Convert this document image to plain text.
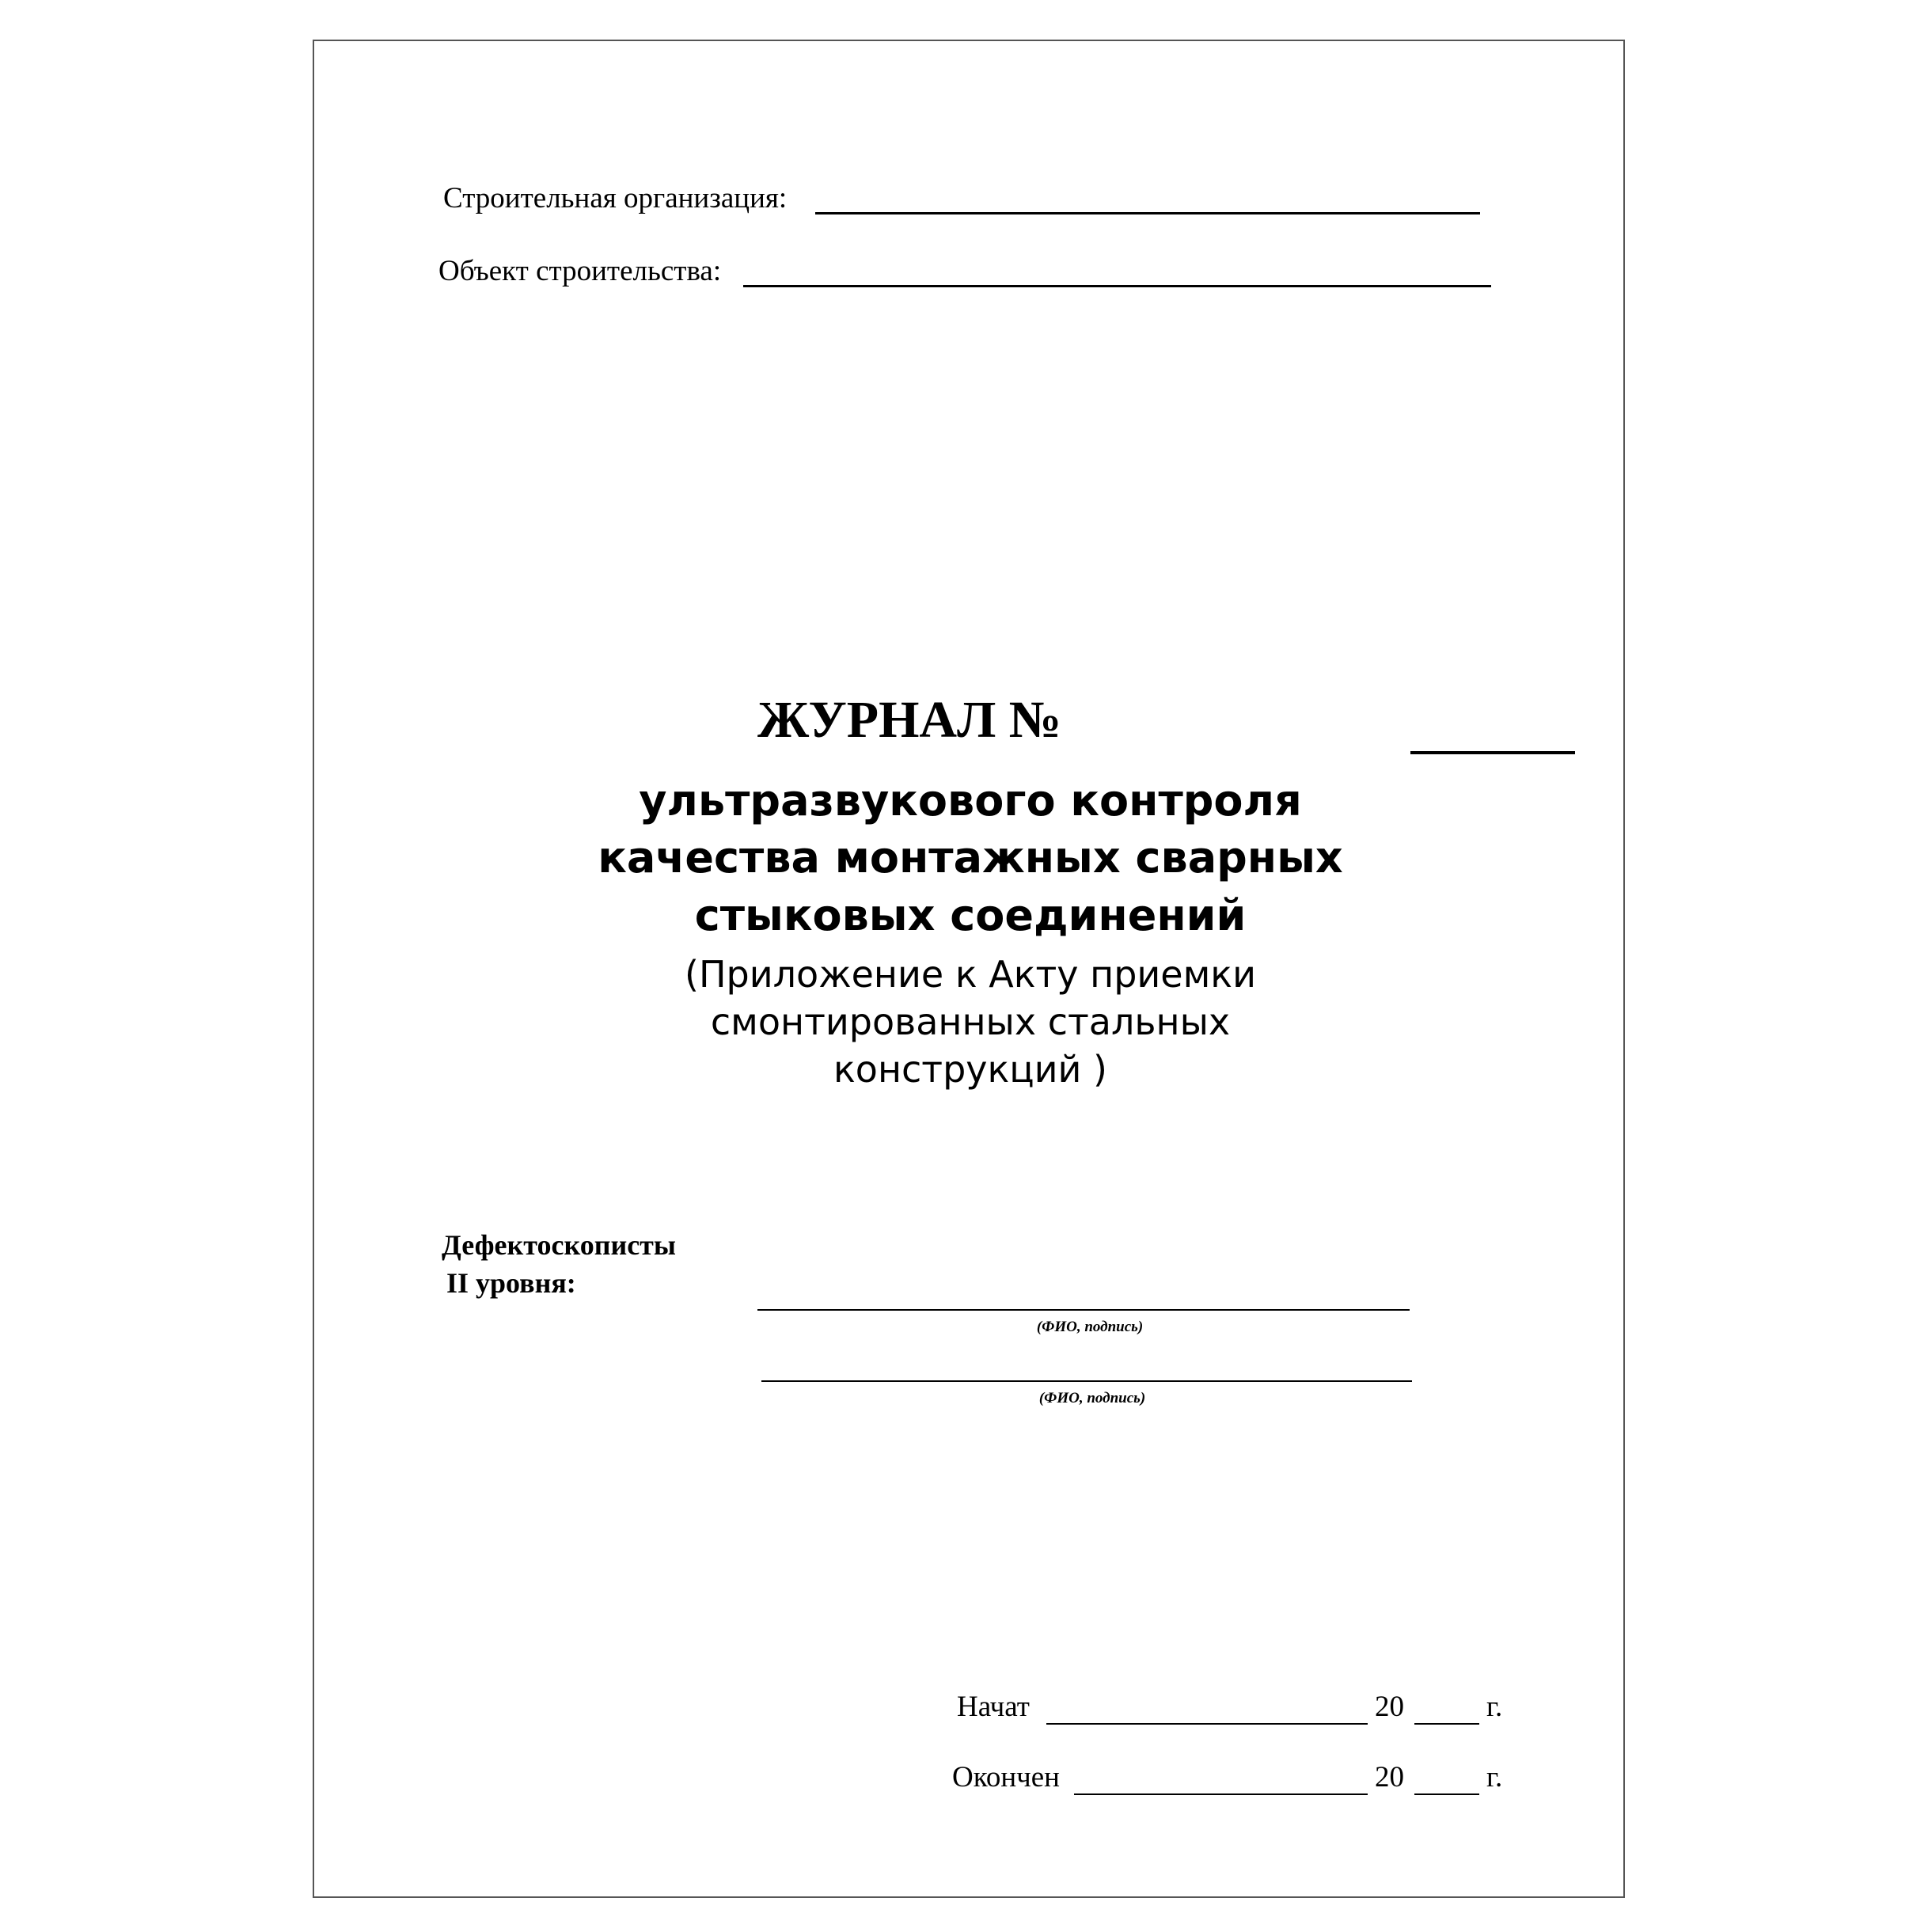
Строительная организация:
Объект строительства:
ЖУРНАЛ №
ультразвукового контроля
качества монтажных сварных
стыковых соединений
(Приложение к Акту приемки
смонтированных стальных
конструкций )
Дефектоскописты
II уровня:
(ФИО, подпись)
(ФИО, подпись)
Начат	20	г.
Окончен	20	г.
